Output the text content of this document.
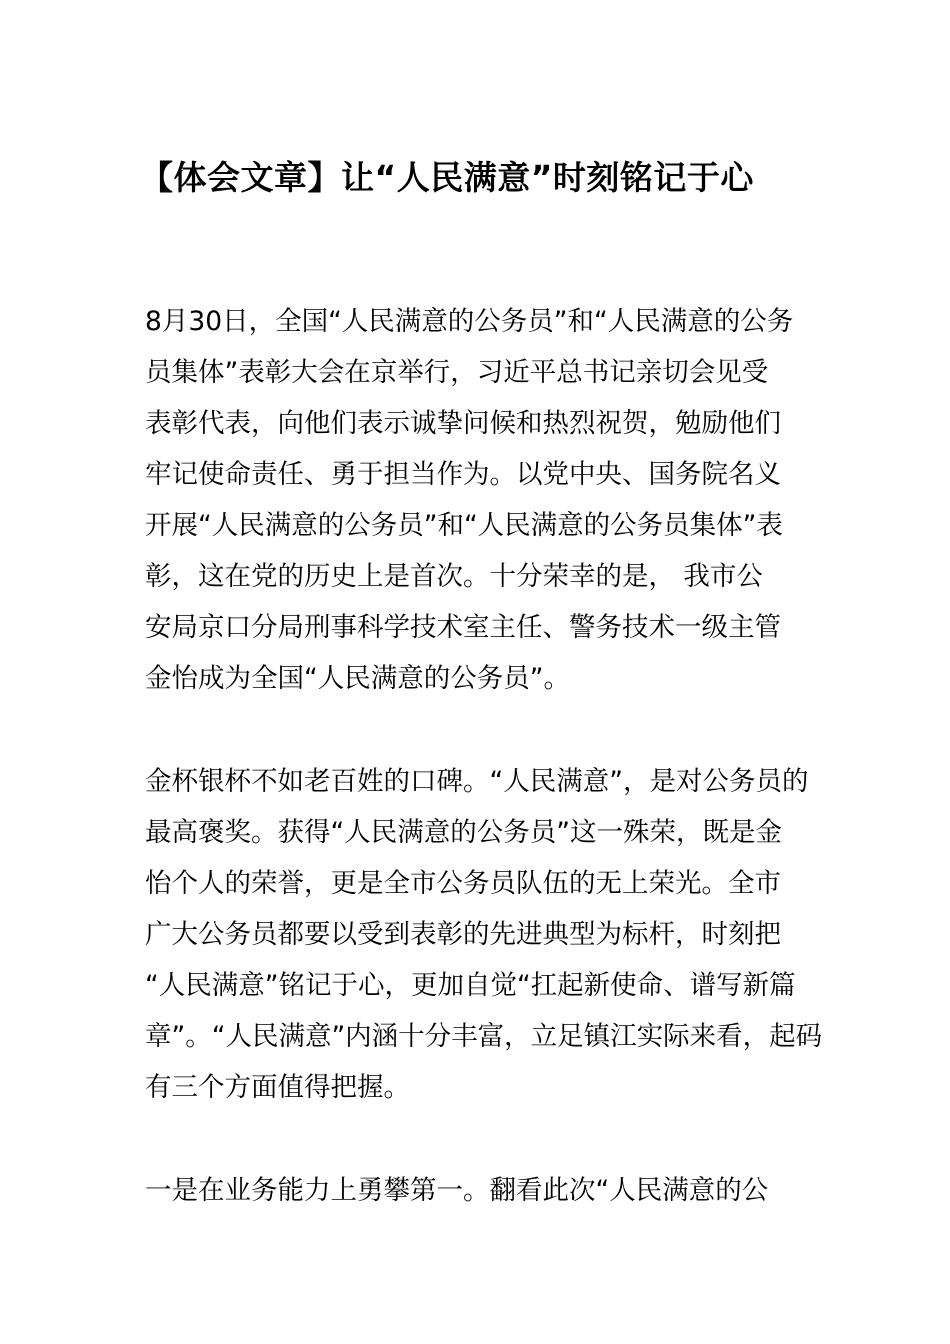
【体会文章】让“人民满意”时刻铭记于心

8月30日，全国“人民满意的公务员”和“人民满意的公务
员集体”表彰大会在京举行，习近平总书记亲切会见受
表彰代表，向他们表示诚挚问候和热烈祝贺，勉励他们
牢记使命责任、勇于担当作为。以党中央、国务院名义
开展“人民满意的公务员”和“人民满意的公务员集体”表
彰，这在党的历史上是首次。十分荣幸的是， 我市公
安局京口分局刑事科学技术室主任、警务技术一级主管
金怡成为全国“人民满意的公务员”。

金杯银杯不如老百姓的口碑。“人民满意”，是对公务员的
最高褒奖。获得“人民满意的公务员”这一殊荣，既是金
怡个人的荣誉，更是全市公务员队伍的无上荣光。全市
广大公务员都要以受到表彰的先进典型为标杆，时刻把
“人民满意”铭记于心，更加自觉“扛起新使命、谱写新篇
章”。“人民满意”内涵十分丰富，立足镇江实际来看，起码
有三个方面值得把握。

一是在业务能力上勇攀第一。翻看此次“人民满意的公
